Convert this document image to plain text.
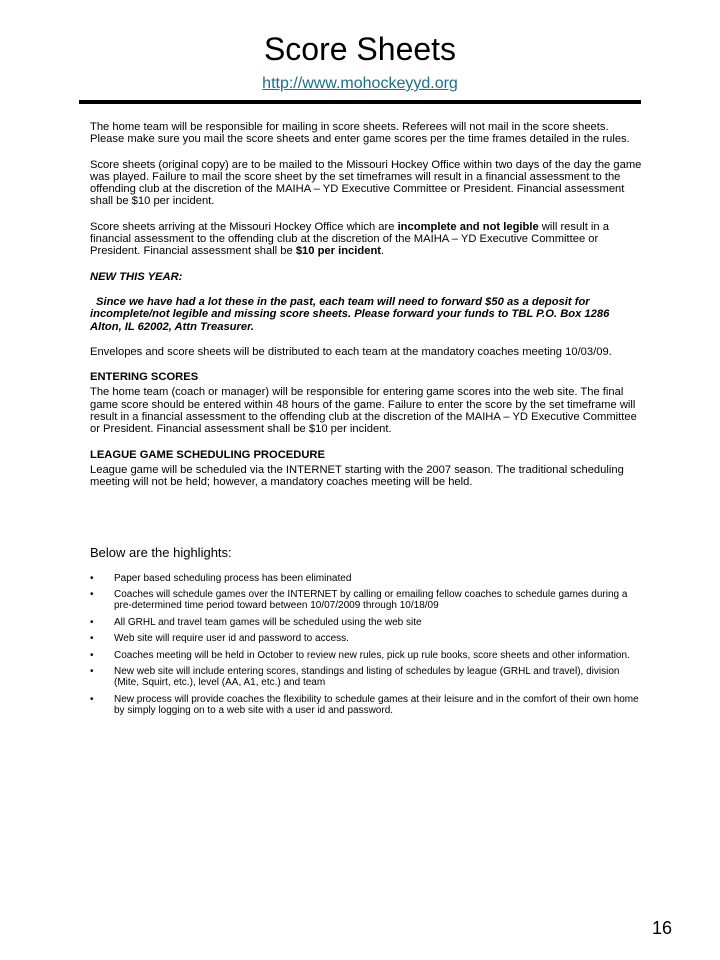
Score Sheets
http://www.mohockeyyd.org

The home team will be responsible for mailing in score sheets. Referees will not mail in the score sheets. Please make sure you mail the score sheets and enter game scores per the time frames detailed in the rules.

Score sheets (original copy) are to be mailed to the Missouri Hockey Office within two days of the day the game was played. Failure to mail the score sheet by the set timeframes will result in a financial assessment to the offending club at the discretion of the MAIHA – YD Executive Committee or President. Financial assessment shall be $10 per incident.

Score sheets arriving at the Missouri Hockey Office which are incomplete and not legible will result in a financial assessment to the offending club at the discretion of the MAIHA – YD Executive Committee or President. Financial assessment shall be $10 per incident.

NEW THIS YEAR:

Since we have had a lot these in the past, each team will need to forward $50 as a deposit for incomplete/not legible and missing score sheets. Please forward your funds to TBL P.O. Box 1286 Alton, IL 62002, Attn Treasurer.

Envelopes and score sheets will be distributed to each team at the mandatory coaches meeting 10/03/09.

ENTERING SCORES

The home team (coach or manager) will be responsible for entering game scores into the web site. The final game score should be entered within 48 hours of the game. Failure to enter the score by the set timeframe will result in a financial assessment to the offending club at the discretion of the MAIHA – YD Executive Committee or President. Financial assessment shall be $10 per incident.

LEAGUE GAME SCHEDULING PROCEDURE

League game will be scheduled via the INTERNET starting with the 2007 season. The traditional scheduling meeting will not be held; however, a mandatory coaches meeting will be held.

Below are the highlights:

• Paper based scheduling process has been eliminated
• Coaches will schedule games over the INTERNET by calling or emailing fellow coaches to schedule games during a pre-determined time period toward between 10/07/2009 through 10/18/09
• All GRHL and travel team games will be scheduled using the web site
• Web site will require user id and password to access.
• Coaches meeting will be held in October to review new rules, pick up rule books, score sheets and other information.
• New web site will include entering scores, standings and listing of schedules by league (GRHL and travel), division (Mite, Squirt, etc.), level (AA, A1, etc.) and team
• New process will provide coaches the flexibility to schedule games at their leisure and in the comfort of their own home by simply logging on to a web site with a user id and password.
16
